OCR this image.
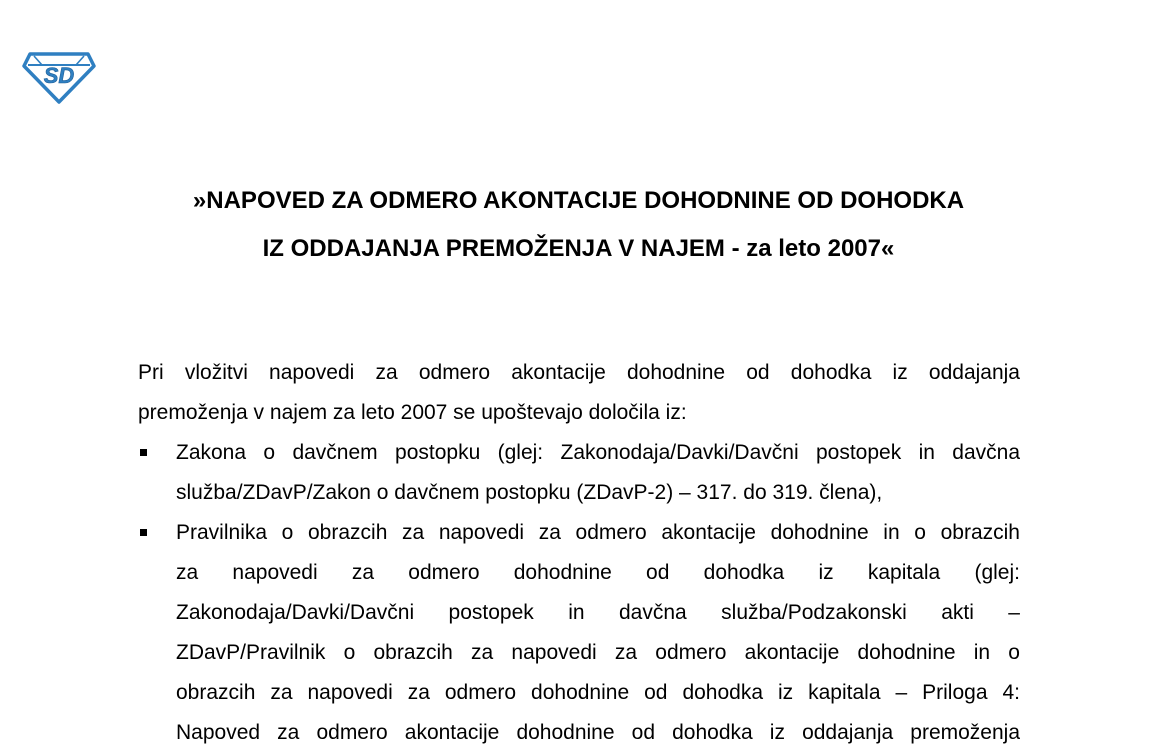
SD
»NAPOVED ZA ODMERO AKONTACIJE DOHODNINE OD DOHODKA
IZ ODDAJANJA PREMOŽENJA V NAJEM - za leto 2007«
Pri vložitvi napovedi za odmero akontacije dohodnine od dohodka iz oddajanja
premoženja v najem za leto 2007 se upoštevajo določila iz:
Zakona o davčnem postopku (glej: Zakonodaja/Davki/Davčni postopek in davčna
služba/ZDavP/Zakon o davčnem postopku (ZDavP-2) – 317. do 319. člena),
Pravilnika o obrazcih za napovedi za odmero akontacije dohodnine in o obrazcih
za napovedi za odmero dohodnine od dohodka iz kapitala (glej:
Zakonodaja/Davki/Davčni postopek in davčna služba/Podzakonski akti –
ZDavP/Pravilnik o obrazcih za napovedi za odmero akontacije dohodnine in o
obrazcih za napovedi za odmero dohodnine od dohodka iz kapitala – Priloga 4:
Napoved za odmero akontacije dohodnine od dohodka iz oddajanja premoženja
